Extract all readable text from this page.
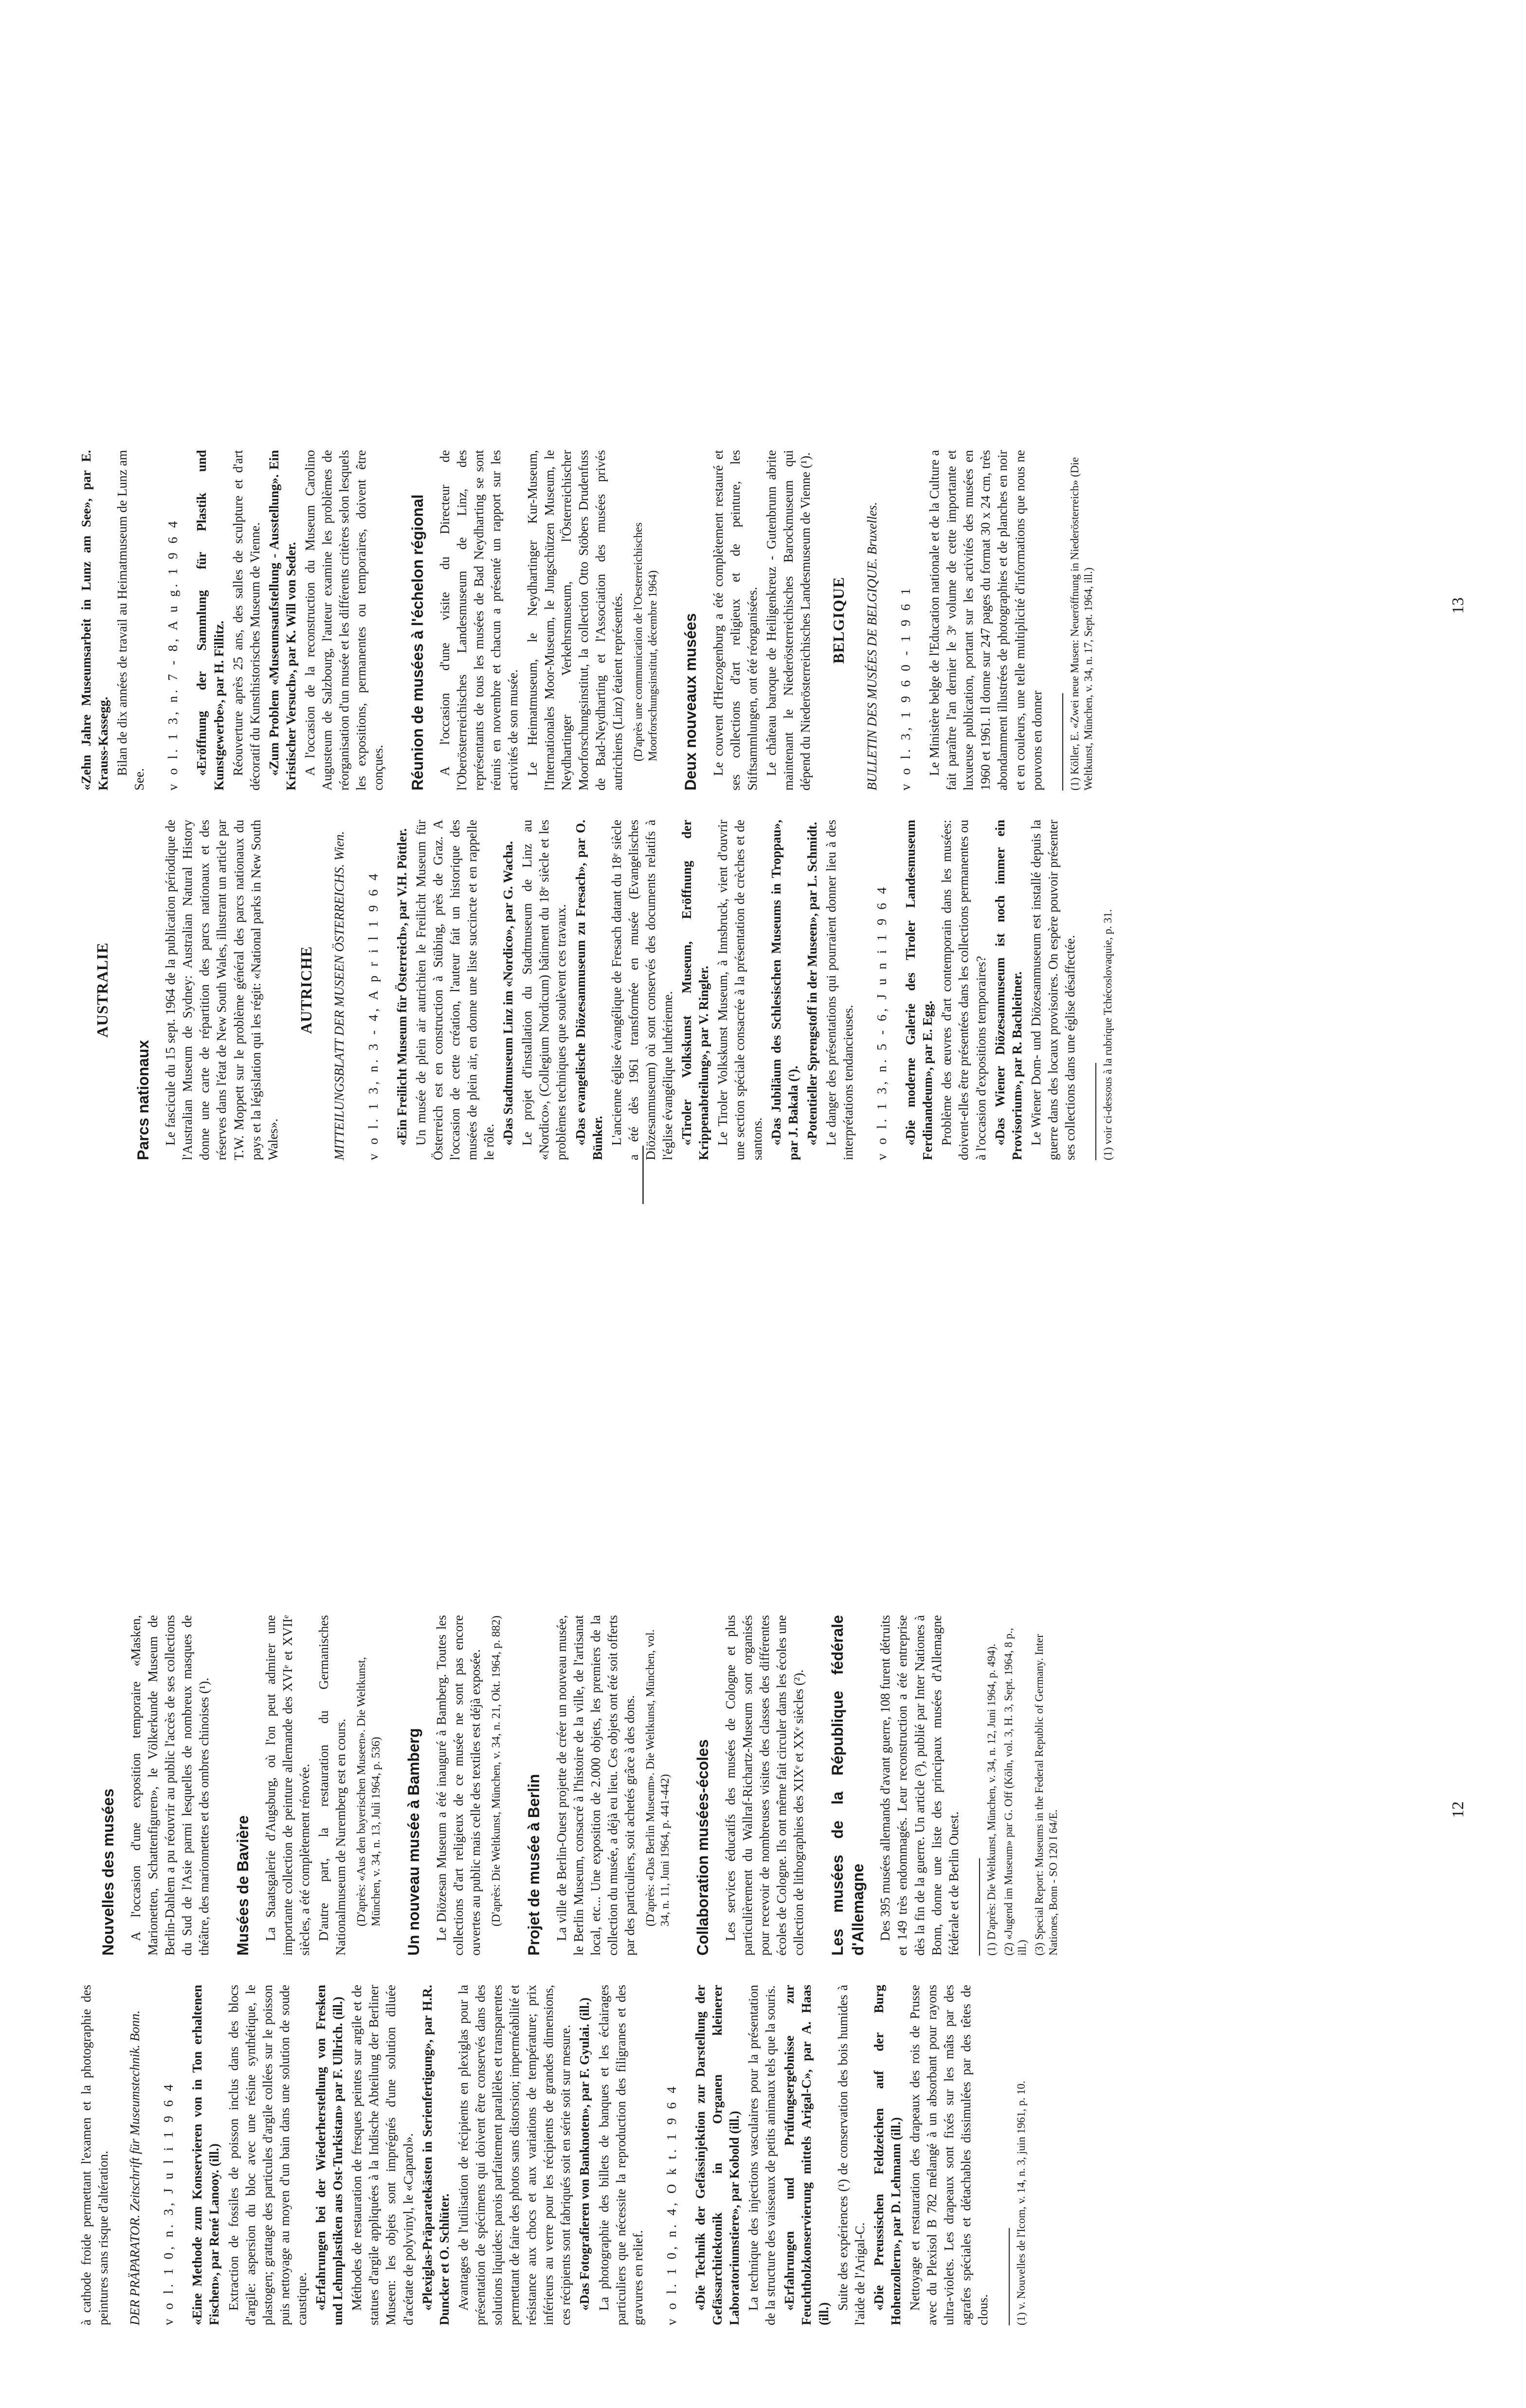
à cathode froide permettant l'examen et la photographie des peintures sans risque d'altération. DER PRÄPARATOR. Zeitschrift für Museumstechnik. Bonn. v o l. 1 0, n. 3, J u l i 1 9 6 4 «Eine Methode zum Konservieren von in Ton erhaltenen Fischen», par René Lanooy. (ill.) Extraction de fossiles de poisson inclus dans des blocs d'argile: aspersion du bloc avec une résine synthétique, le plastogen; grattage des particules d'argile collées sur le poisson puis nettoyage au moyen d'un bain dans une solution de soude caustique. «Erfahrungen bei der Wiederherstellung von Fresken und Lehmplastiken aus Ost-Turkistan» par F. Ullrich. (ill.) Méthodes de restauration de fresques peintes sur argile et de statues d'argile appliquées à la Indische Abteilung der Berliner Museen: les objets sont imprégnés d'une solution diluée d'acétate de polyvinyl, le «Caparol». «Plexiglas-Präparatekästen in Serienfertigung», par H.R. Duncker et O. Schlüter. Avantages de l'utilisation de récipients en plexiglas pour la présentation de spécimens qui doivent être conservés dans des solutions liquides: parois parfaitement parallèles et transparentes permettant de faire des photos sans distorsion; imperméabilité et résistance aux chocs et aux variations de température; prix inférieurs au verre pour les récipients de grandes dimensions, ces récipients sont fabriqués soit en série soit sur mesure. «Das Fotografieren von Banknoten», par F. Gyulai. (ill.) La photographie des billets de banques et les éclairages particuliers que nécessite la reproduction des filigranes et des gravures en relief. v o l. 1 0, n. 4, O k t. 1 9 6 4 «Die Technik der Gefässinjektion zur Darstellung der Gefässarchitektonik in Organen kleinerer Laboratoriumstiere», par Kobold (ill.) La technique des injections vasculaires pour la présentation de la structure des vaisseaux de petits animaux tels que la souris. «Erfahrungen und Prüfungsergebnisse zur Feuchtholzkonservierung mittels Arigal-C», par A. Haas (ill.)

Suite des expériences (¹) de conservation des bois humides à l'aide de l'Arigal-C. «Die Preussischen Feldzeichen auf der Burg Hohenzollern», par D. Lehmann (ill.) Nettoyage et restauration des drapeaux des rois de Prusse avec du Plexisol B 782 mélangé à un absorbant pour rayons ultra-violets. Les drapeaux sont fixés sur les mâts par des agrafes spéciales et détachables dissimulées par des têtes de clous. (1) v. Nouvelles de l'Icom, v. 14, n. 3, juin 1961, p. 10.

Nouvelles des musées A l'occasion d'une exposition temporaire «Masken, Marionetten, Schattenfiguren», le Völkerkunde Museum de Berlin-Dahlem a pu réouvrir au public l'accès de ses collections du Sud de l'Asie parmi lesquelles de nombreux masques de théâtre, des marionnettes et des ombres chinoises (¹). Musées de Bavière La Staatsgalerie d'Augsburg, où l'on peut admirer une importante collection de peinture allemande des XVIᵉ et XVIIᵉ siècles, a été complètement rénovée. D'autre part, la restauration du Germanisches Nationalmuseum de Nuremberg est en cours. (D'après: «Aus den bayerischen Museen». Die Weltkunst, München, v. 34, n. 13, Juli 1964, p. 536) Un nouveau musée à Bamberg Le Diözesan Museum a été inauguré à Bamberg. Toutes les collections d'art religieux de ce musée ne sont pas encore ouvertes au public mais celle des textiles est déjà exposée. (D'après: Die Weltkunst, München, v. 34, n. 21, Okt. 1964, p. 882) Projet de musée à Berlin La ville de Berlin-Ouest projette de créer un nouveau musée, le Berlin Museum, consacré à l'histoire de la ville, de l'artisanat local, etc... Une exposition de 2.000 objets, les premiers de la collection du musée, a déjà eu lieu. Ces objets ont été soit offerts par des particuliers, soit achetés grâce à des dons. (D'après: «Das Berlin Museum». Die Weltkunst, München, vol. 34, n. 11, Juni 1964, p. 441-442) Collaboration musées-écoles Les services éducatifs des musées de Cologne et plus particulièrement du Wallraf-Richartz-Museum sont organisés pour recevoir de nombreuses visites des classes des différentes écoles de Cologne. Ils ont même fait circuler dans les écoles une collection de lithographies des XIXᵉ et XXᵉ siècles (²). Les musées de la République fédérale d'Allemagne Des 395 musées allemands d'avant guerre, 108 furent détruits et 149 très endommagés. Leur reconstruction a été entreprise dès la fin de la guerre. Un article (³), publié par Inter Nationes à Bonn, donne une liste des principaux musées d'Allemagne fédérale et de Berlin Ouest. (1) D'après: Die Weltkunst, München, v. 34, n. 12, Juni 1964, p. 494). (2) «Jugend im Museum» par G. Off (Köln, vol. 3, H. 3, Sept. 1964, 8 p., ill.) (3) Special Report: Museums in the Federal Republic of Germany. Inter Nationes, Bonn - SO 120 I 64/E.	12
AUSTRALIE
Parcs nationaux Le fascicule du 15 sept. 1964 de la publication périodique de l'Australian Museum de Sydney: Australian Natural History donne une carte de répartition des parcs nationaux et des réserves dans l'état de New South Wales, illustrant un article par T.W. Moppett sur le problème général des parcs nationaux du pays et la législation qui les régit: «National parks in New South Wales».

AUTRICHE MITTEILUNGSBLATT DER MUSEEN ÖSTERREICHS. Wien. v o l. 1 3, n. 3 - 4, A p r i l 1 9 6 4 «Ein Freilicht Museum für Österreich», par V.H. Pöttler. Un musée de plein air autrichien le Freilicht Museum für Österreich est en construction à Stübing, près de Graz. A l'occasion de cette création, l'auteur fait un historique des musées de plein air, en donne une liste succincte et en rappelle le rôle. «Das Stadtmuseum Linz im «Nordico», par G. Wacha. Le projet d'installation du Stadtmuseum de Linz au «Nordico», (Collegium Nordicum) bâtiment du 18ᵉ siècle et les problèmes techniques que soulèvent ces travaux. «Das evangelische Diözesanmuseum zu Fresach», par O. Bünker. L'ancienne église évangélique de Fresach datant du 18ᵉ siècle a été dès 1961 transformée en musée (Evangelisches Diözesanmuseum) où sont conservés des documents relatifs à l'église évangélique luthérienne. «Tiroler Volkskunst Museum, Eröffnung der Krippenabteilung», par V. Ringler. Le Tiroler Volkskunst Museum, à Innsbruck, vient d'ouvrir une section spéciale consacrée à la présentation de crèches et de santons. «Das Jubiläum des Schlesischen Museums in Troppau», par J. Bakala (¹). «Potentieller Sprengstoff in der Museen», par L. Schmidt. Le danger des présentations qui pourraient donner lieu à des interprétations tendancieuses. v o l. 1 3, n. 5 - 6, J u n i 1 9 6 4 «Die moderne Galerie des Tiroler Landesmuseum Ferdinandeum», par E. Egg. Problème des œuvres d'art contemporain dans les musées: doivent-elles être présentées dans les collections permanentes ou à l'occasion d'expositions temporaires? «Das Wiener Diözesanmuseum ist noch immer ein Provisorium», par R. Bachleitner. Le Wiener Dom- und Diözesanmuseum est installé depuis la guerre dans des locaux provisoires. On espère pouvoir présenter ses collections dans une église désaffectée. (1) voir ci-dessous à la rubrique Tchécoslovaquie, p. 31.

«Zehn Jahre Museumsarbeit in Lunz am See», par E. Krauss-Kassegg. Bilan de dix années de travail au Heimatmuseum de Lunz am See. v o l. 1 3, n. 7 - 8, A u g. 1 9 6 4 «Eröffnung der Sammlung für Plastik und Kunstgewerbe», par H. Fillitz. Réouverture après 25 ans, des salles de sculpture et d'art décoratif du Kunsthistorisches Museum de Vienne. «Zum Problem «Museumsaufstellung - Ausstellung». Ein Kristischer Versuch», par K. Will von Seder. A l'occasion de la reconstruction du Museum Carolino Augusteum de Salzbourg, l'auteur examine les problèmes de réorganisation d'un musée et les différents critères selon lesquels les expositions, permanentes ou temporaires, doivent être conçues. Réunion de musées à l'échelon régional A l'occasion d'une visite du Directeur de l'Oberösterreichisches Landesmuseum de Linz, des représentants de tous les musées de Bad Neydharting se sont réunis en novembre et chacun a présenté un rapport sur les activités de son musée. Le Heimatmuseum, le Neydhartinger Kur-Museum, l'Internationales Moor-Museum, le Jungschützen Museum, le Neydhartinger Verkehrsmuseum, l'Österreichischer Moorforschungsinstitut, la collection Otto Stöbers Drudenfuss de Bad-Neydharting et l'Association des musées privés autrichiens (Linz) étaient représentés. (D'après une communication de l'Oesterreichisches Moorforschungsinstitut, décembre 1964) Deux nouveaux musées Le couvent d'Herzogenburg a été complètement restauré et ses collections d'art religieux et de peinture, les Stiftsammlungen, ont été réorganisées. Le château baroque de Heiligenkreuz - Gutenbrunn abrite maintenant le Niederösterreichisches Barockmuseum qui dépend du Niederösterreichisches Landesmuseum de Vienne (¹). BELGIQUE BULLETIN DES MUSÉES DE BELGIQUE. Bruxelles. v o l. 3, 1 9 6 0 - 1 9 6 1 Le Ministère belge de l'Education nationale et de la Culture a fait paraître l'an dernier le 3ᵉ volume de cette importante et luxueuse publication, portant sur les activités des musées en 1960 et 1961. Il donne sur 247 pages du format 30 x 24 cm, très abondamment illustrées de photographies et de planches en noir et en couleurs, une telle multiplicité d'informations que nous ne pouvons en donner (1) Köller, E. «Zwei neue Musen: Neueröffnung in Niederösterreich» (Die Weltkunst, München, v. 34, n. 17, Sept. 1964, ill.)	13
